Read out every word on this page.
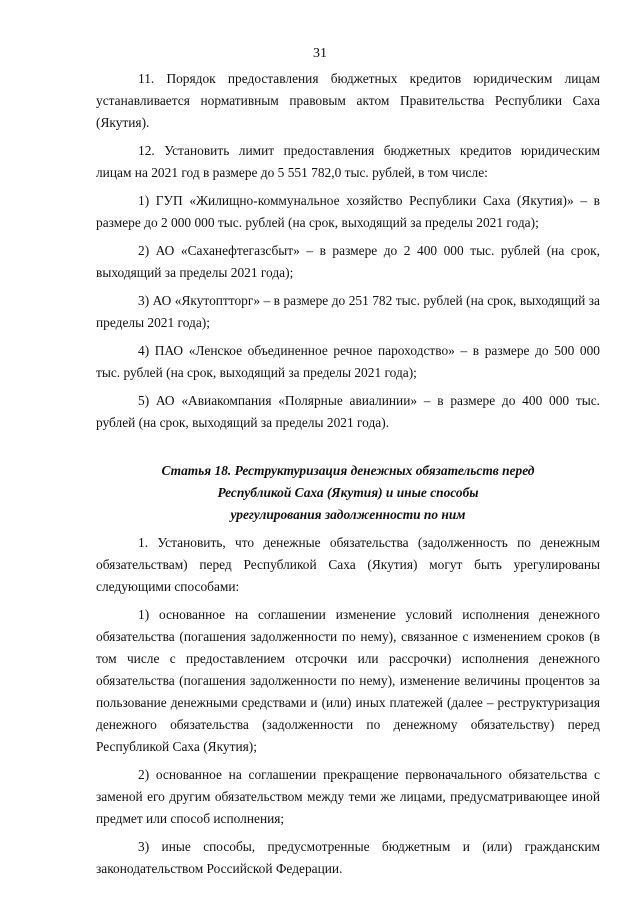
31

11. Порядок предоставления бюджетных кредитов юридическим лицам устанавливается нормативным правовым актом Правительства Республики Саха (Якутия).

12. Установить лимит предоставления бюджетных кредитов юридическим лицам на 2021 год в размере до 5 551 782,0 тыс. рублей, в том числе:

1) ГУП «Жилищно-коммунальное хозяйство Республики Саха (Якутия)» – в размере до 2 000 000 тыс. рублей (на срок, выходящий за пределы 2021 года);

2) АО «Саханефтегазсбыт» – в размере до 2 400 000 тыс. рублей (на срок, выходящий за пределы 2021 года);

3) АО «Якутоптторг» – в размере до 251 782 тыс. рублей (на срок, выходящий за пределы 2021 года);

4) ПАО «Ленское объединенное речное пароходство» – в размере до 500 000 тыс. рублей (на срок, выходящий за пределы 2021 года);

5) АО «Авиакомпания «Полярные авиалинии» – в размере до 400 000 тыс. рублей (на срок, выходящий за пределы 2021 года).

Статья 18. Реструктуризация денежных обязательств перед
Республикой Саха (Якутия) и иные способы
урегулирования задолженности по ним

1. Установить, что денежные обязательства (задолженность по денежным обязательствам) перед Республикой Саха (Якутия) могут быть урегулированы следующими способами:

1) основанное на соглашении изменение условий исполнения денежного обязательства (погашения задолженности по нему), связанное с изменением сроков (в том числе с предоставлением отсрочки или рассрочки) исполнения денежного обязательства (погашения задолженности по нему), изменение величины процентов за пользование денежными средствами и (или) иных платежей (далее – реструктуризация денежного обязательства (задолженности по денежному обязательству) перед Республикой Саха (Якутия);

2) основанное на соглашении прекращение первоначального обязательства с заменой его другим обязательством между теми же лицами, предусматривающее иной предмет или способ исполнения;

3) иные способы, предусмотренные бюджетным и (или) гражданским законодательством Российской Федерации.
